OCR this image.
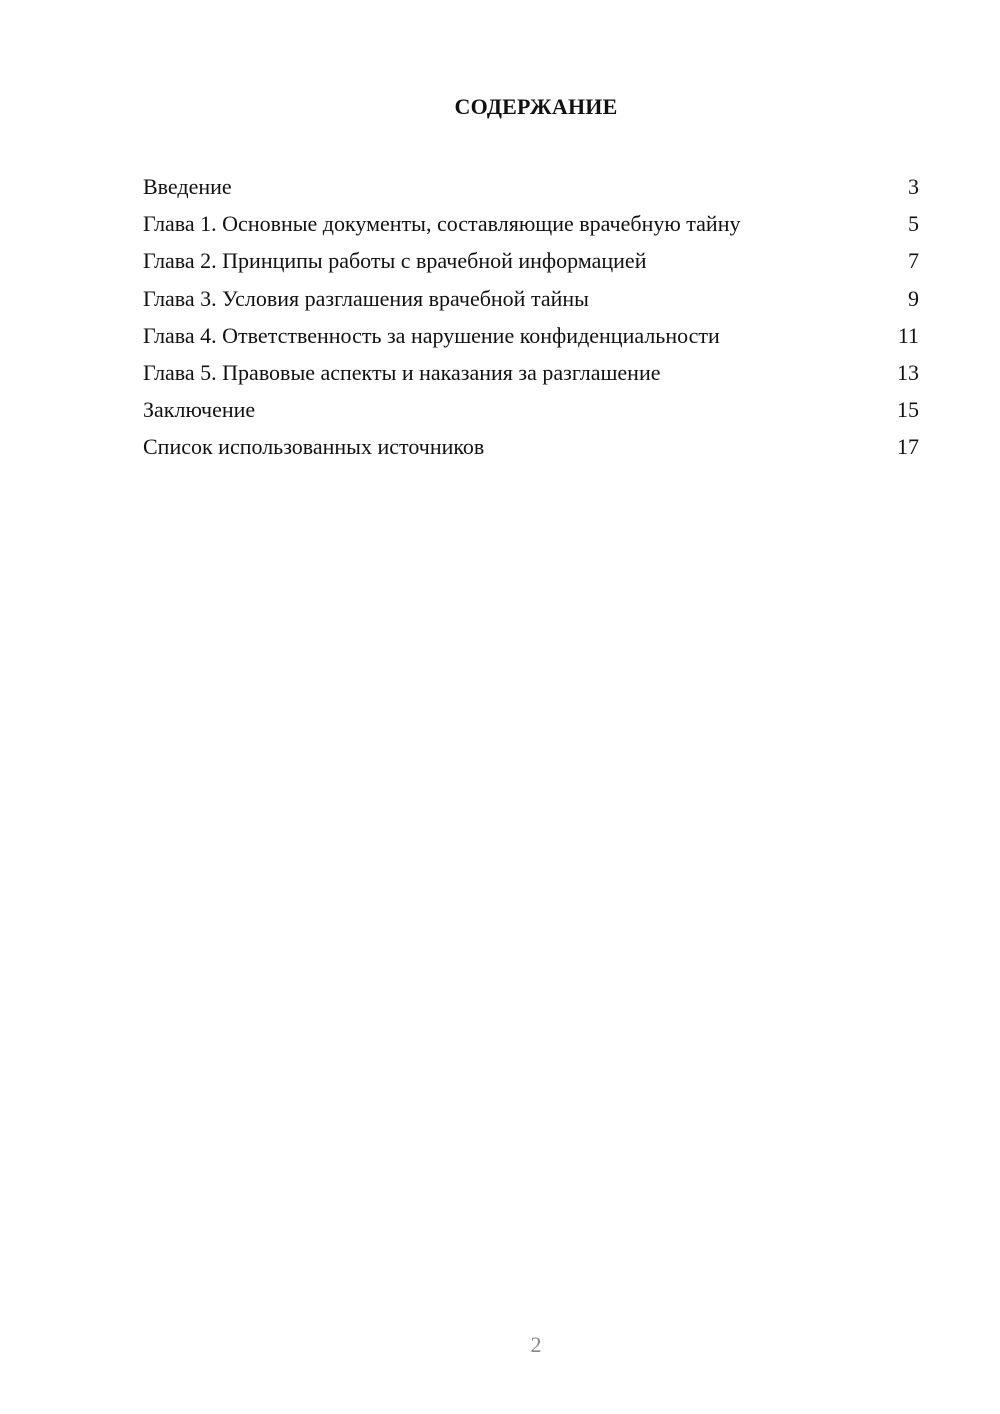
СОДЕРЖАНИЕ
Введение	3
Глава 1. Основные документы, составляющие врачебную тайну	5
Глава 2. Принципы работы с врачебной информацией	7
Глава 3. Условия разглашения врачебной тайны	9
Глава 4. Ответственность за нарушение конфиденциальности	11
Глава 5. Правовые аспекты и наказания за разглашение	13
Заключение	15
Список использованных источников	17
2
